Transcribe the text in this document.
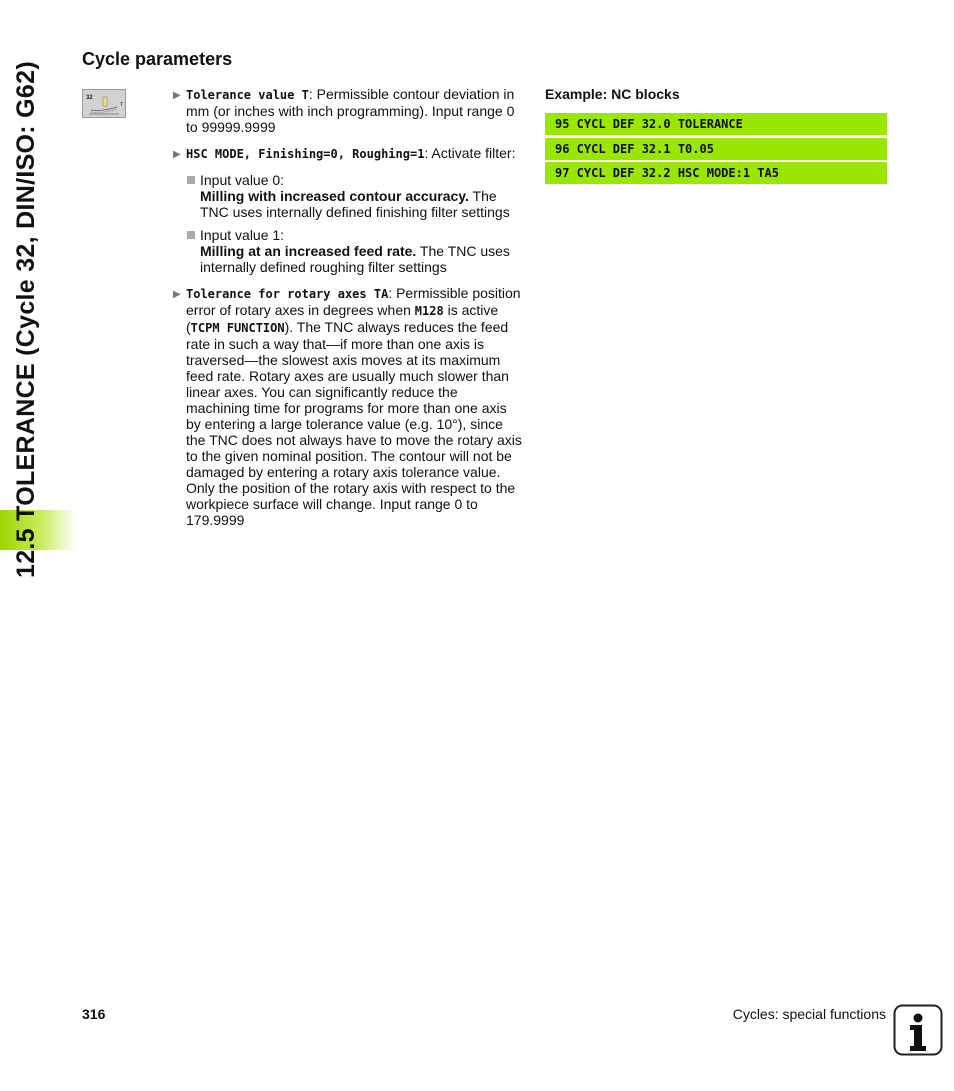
12.5 TOLERANCE (Cycle 32, DIN/ISO: G62)
Cycle parameters
32
T
▶ Tolerance value T: Permissible contour deviation in mm (or inches with inch programming). Input range 0 to 99999.9999
▶ HSC MODE, Finishing=0, Roughing=1: Activate filter:
Input value 0:
Milling with increased contour accuracy. The TNC uses internally defined finishing filter settings
Input value 1:
Milling at an increased feed rate. The TNC uses internally defined roughing filter settings
▶ Tolerance for rotary axes TA: Permissible position error of rotary axes in degrees when M128 is active (TCPM FUNCTION). The TNC always reduces the feed rate in such a way that—if more than one axis is traversed—the slowest axis moves at its maximum feed rate. Rotary axes are usually much slower than linear axes. You can significantly reduce the machining time for programs for more than one axis by entering a large tolerance value (e.g. 10°), since the TNC does not always have to move the rotary axis to the given nominal position. The contour will not be damaged by entering a rotary axis tolerance value. Only the position of the rotary axis with respect to the workpiece surface will change. Input range 0 to 179.9999
Example: NC blocks
95 CYCL DEF 32.0 TOLERANCE
96 CYCL DEF 32.1 T0.05
97 CYCL DEF 32.2 HSC MODE:1 TA5
316	Cycles: special functions
